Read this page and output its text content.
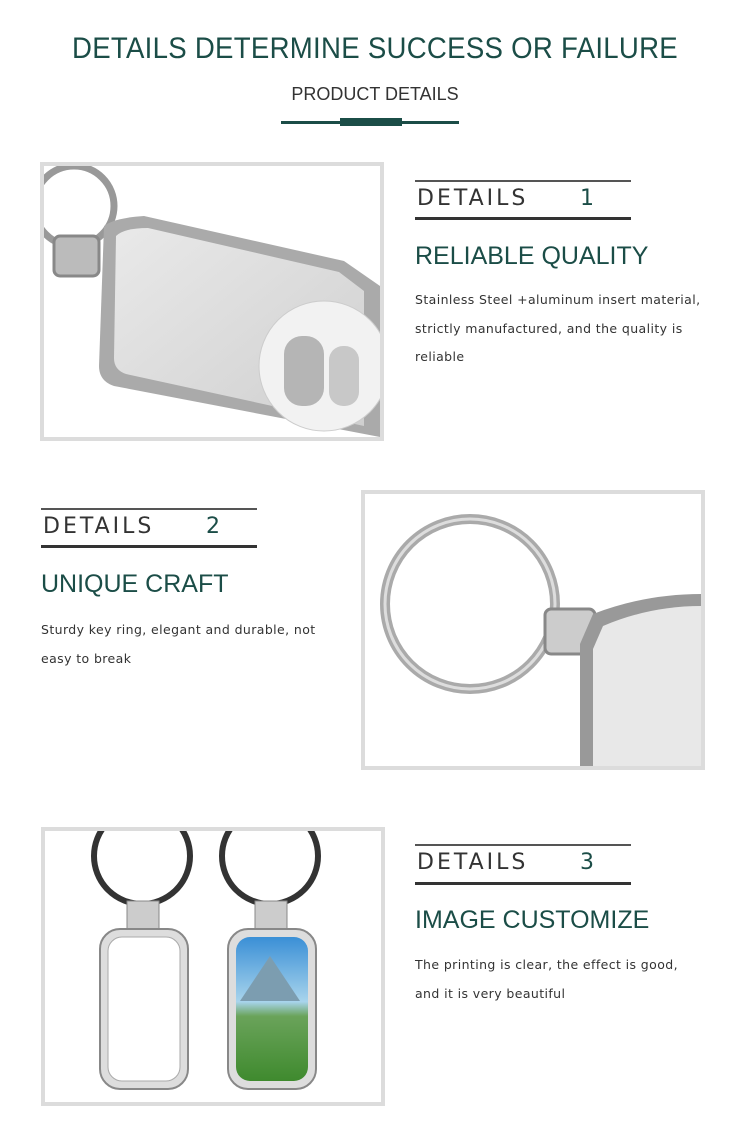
DETAILS DETERMINE SUCCESS OR FAILURE
PRODUCT DETAILS
DETAILS 1
RELIABLE QUALITY
Stainless Steel +aluminum insert material, strictly manufactured, and the quality is reliable
DETAILS 2
UNIQUE CRAFT
Sturdy key ring, elegant and durable, not easy to break
DETAILS 3
IMAGE CUSTOMIZE
The printing is clear, the effect is good, and it is very beautiful
